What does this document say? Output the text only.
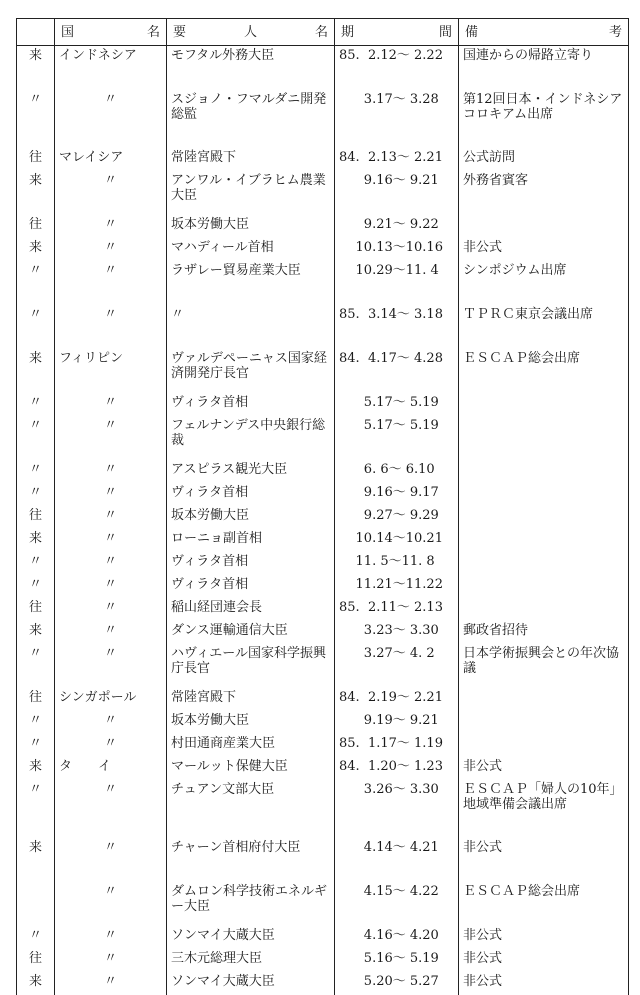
	国 名	要 人 名	期 間	備 考

来	インドネシア	モフタル外務大臣	85.  2.12～ 2.22	国連からの帰路立寄り
〃	〃	スジョノ・フマルダニ開発総監	3.17～ 3.28	第12回日本・インドネシアコロキアム出席
往	マレイシア	常陸宮殿下	84.  2.13～ 2.21	公式訪問
来	〃	アンワル・イブラヒム農業大臣	9.16～ 9.21	外務省賓客
往	〃	坂本労働大臣	9.21～ 9.22	
来	〃	マハディール首相	10.13～10.16	非公式
〃	〃	ラザレー貿易産業大臣	10.29～11. 4	シンポジウム出席
〃	〃	〃	85.  3.14～ 3.18	ＴＰＲＣ東京会議出席
来	フィリピン	ヴァルデペーニャス国家経済開発庁長官	84.  4.17～ 4.28	ＥＳＣＡＰ総会出席
〃	〃	ヴィラタ首相	5.17～ 5.19	
〃	〃	フェルナンデス中央銀行総裁	5.17～ 5.19	
〃	〃	アスピラス観光大臣	6. 6～ 6.10	
〃	〃	ヴィラタ首相	9.16～ 9.17	
往	〃	坂本労働大臣	9.27～ 9.29	
来	〃	ローニョ副首相	10.14～10.21	
〃	〃	ヴィラタ首相	11. 5～11. 8	
〃	〃	ヴィラタ首相	11.21～11.22	
往	〃	稲山経団連会長	85.  2.11～ 2.13	
来	〃	ダンス運輸通信大臣	3.23～ 3.30	郵政省招待
〃	〃	ハヴィエール国家科学振興庁長官	3.27～ 4. 2	日本学術振興会との年次協議
往	シンガポール	常陸宮殿下	84.  2.19～ 2.21	
〃	〃	坂本労働大臣	9.19～ 9.21	
〃	〃	村田通商産業大臣	85.  1.17～ 1.19	
来	タ　　イ	マールット保健大臣	84.  1.20～ 1.23	非公式
〃	〃	チュアン文部大臣	3.26～ 3.30	ＥＳＣＡＰ「婦人の10年」地域準備会議出席
来	〃	チャーン首相府付大臣	4.14～ 4.21	非公式
	〃	ダムロン科学技術エネルギー大臣	4.15～ 4.22	ＥＳＣＡＰ総会出席
〃	〃	ソンマイ大蔵大臣	4.16～ 4.20	非公式
往	〃	三木元総理大臣	5.16～ 5.19	非公式
来	〃	ソンマイ大蔵大臣	5.20～ 5.27	非公式
